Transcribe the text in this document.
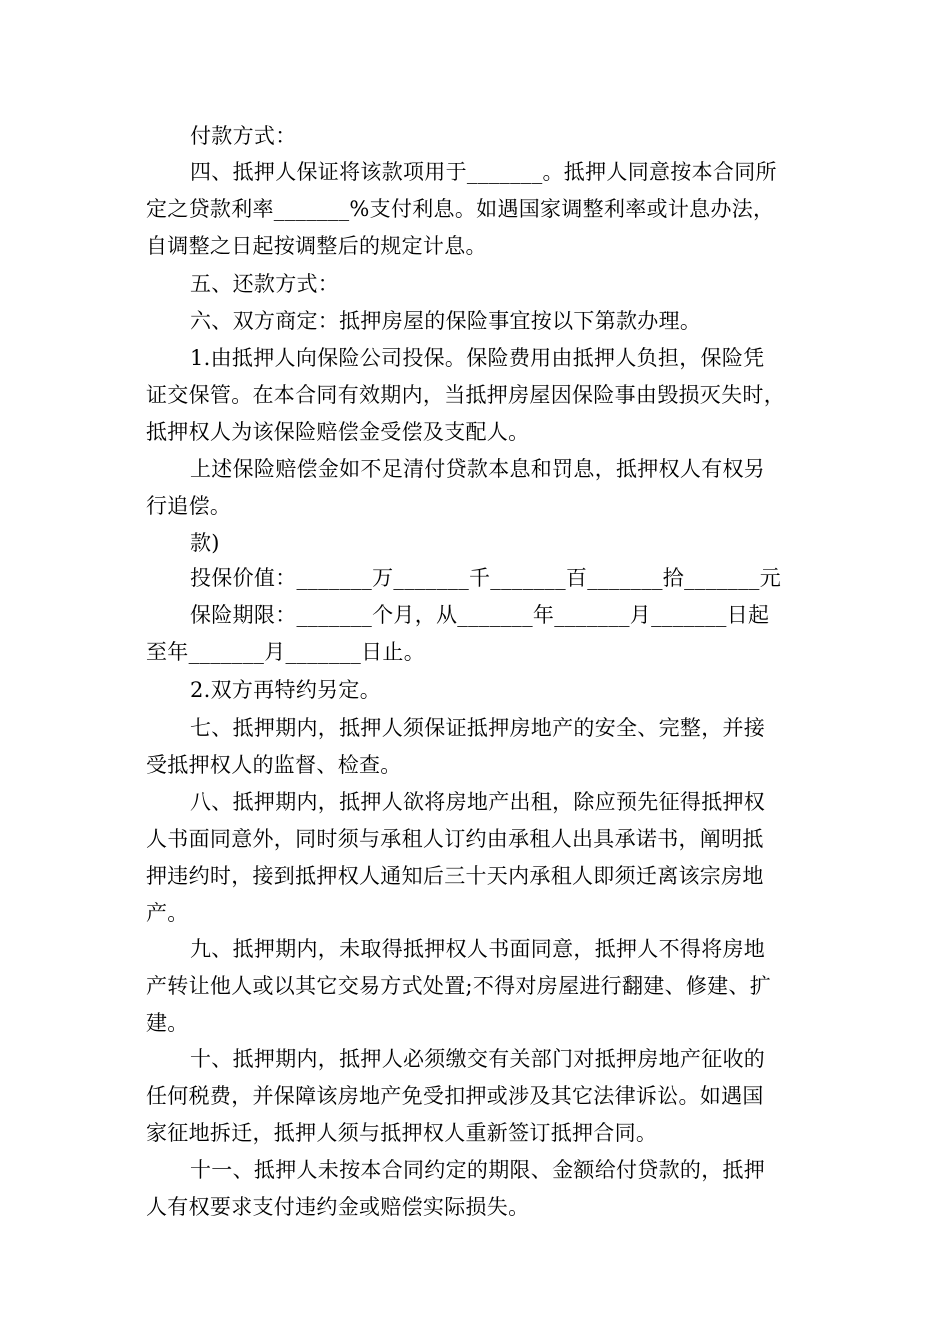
付款方式：
四、抵押人保证将该款项用于_______。抵押人同意按本合同所
定之贷款利率_______%支付利息。如遇国家调整利率或计息办法，
自调整之日起按调整后的规定计息。
五、还款方式：
六、双方商定：抵押房屋的保险事宜按以下第款办理。
1.由抵押人向保险公司投保。保险费用由抵押人负担，保险凭
证交保管。在本合同有效期内，当抵押房屋因保险事由毁损灭失时，
抵押权人为该保险赔偿金受偿及支配人。
上述保险赔偿金如不足清付贷款本息和罚息，抵押权人有权另
行追偿。
款)
投保价值：_______万_______千_______百_______拾_______元
保险期限：_______个月，从_______年_______月_______日起
至年_______月_______日止。
2.双方再特约另定。
七、抵押期内，抵押人须保证抵押房地产的安全、完整，并接
受抵押权人的监督、检查。
八、抵押期内，抵押人欲将房地产出租，除应预先征得抵押权
人书面同意外，同时须与承租人订约由承租人出具承诺书，阐明抵
押违约时，接到抵押权人通知后三十天内承租人即须迁离该宗房地
产。
九、抵押期内，未取得抵押权人书面同意，抵押人不得将房地
产转让他人或以其它交易方式处置;不得对房屋进行翻建、修建、扩
建。
十、抵押期内，抵押人必须缴交有关部门对抵押房地产征收的
任何税费，并保障该房地产免受扣押或涉及其它法律诉讼。如遇国
家征地拆迁，抵押人须与抵押权人重新签订抵押合同。
十一、抵押人未按本合同约定的期限、金额给付贷款的，抵押
人有权要求支付违约金或赔偿实际损失。
